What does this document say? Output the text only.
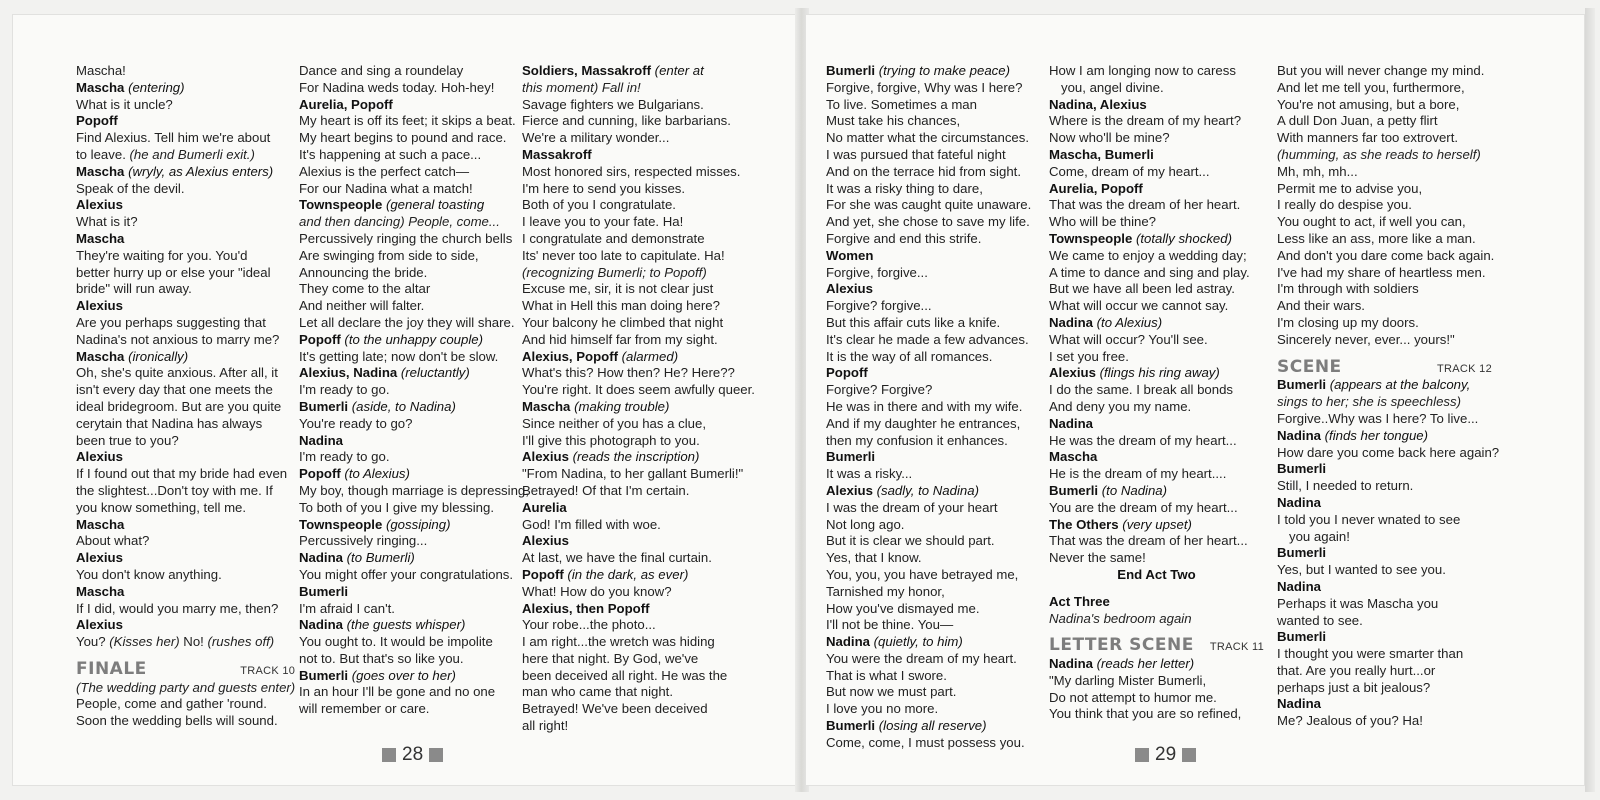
Mascha!
Mascha (entering)
What is it uncle?
Popoff
Find Alexius. Tell him we're about
to leave. (he and Bumerli exit.)
Mascha (wryly, as Alexius enters)
Speak of the devil.
Alexius
What is it?
Mascha
They're waiting for you. You'd
better hurry up or else your "ideal
bride" will run away.
Alexius
Are you perhaps suggesting that
Nadina's not anxious to marry me?
Mascha (ironically)
Oh, she's quite anxious. After all, it
isn't every day that one meets the
ideal bridegroom. But are you quite
cerytain that Nadina has always
been true to you?
Alexius
If I found out that my bride had even
the slightest...Don't toy with me. If
you know something, tell me.
Mascha
About what?
Alexius
You don't know anything.
Mascha
If I did, would you marry me, then?
Alexius
You? (Kisses her) No! (rushes off)
FINALE	TRACK 10
(The wedding party and guests enter)
People, come and gather 'round.
Soon the wedding bells will sound.
Dance and sing a roundelay
For Nadina weds today. Hoh-hey!
Aurelia, Popoff
My heart is off its feet; it skips a beat.
My heart begins to pound and race.
It's happening at such a pace...
Alexius is the perfect catch—
For our Nadina what a match!
Townspeople (general toasting
and then dancing) People, come...
Percussively ringing the church bells
Are swinging from side to side,
Announcing the bride.
They come to the altar
And neither will falter.
Let all declare the joy they will share.
Popoff (to the unhappy couple)
It's getting late; now don't be slow.
Alexius, Nadina (reluctantly)
I'm ready to go.
Bumerli (aside, to Nadina)
You're ready to go?
Nadina
I'm ready to go.
Popoff (to Alexius)
My boy, though marriage is depressing,
To both of you I give my blessing.
Townspeople (gossiping)
Percussively ringing...
Nadina (to Bumerli)
You might offer your congratulations.
Bumerli
I'm afraid I can't.
Nadina (the guests whisper)
You ought to. It would be impolite
not to. But that's so like you.
Bumerli (goes over to her)
In an hour I'll be gone and no one
will remember or care.
Soldiers, Massakroff (enter at
this moment) Fall in!
Savage fighters we Bulgarians.
Fierce and cunning, like barbarians.
We're a military wonder...
Massakroff
Most honored sirs, respected misses.
I'm here to send you kisses.
Both of you I congratulate.
I leave you to your fate. Ha!
I congratulate and demonstrate
Its' never too late to capitulate. Ha!
(recognizing Bumerli; to Popoff)
Excuse me, sir, it is not clear just
What in Hell this man doing here?
Your balcony he climbed that night
And hid himself far from my sight.
Alexius, Popoff (alarmed)
What's this? How then? He? Here??
You're right. It does seem awfully queer.
Mascha (making trouble)
Since neither of you has a clue,
I'll give this photograph to you.
Alexius (reads the inscription)
"From Nadina, to her gallant Bumerli!"
Betrayed! Of that I'm certain.
Aurelia
God! I'm filled with woe.
Alexius
At last, we have the final curtain.
Popoff (in the dark, as ever)
What! How do you know?
Alexius, then Popoff
Your robe...the photo...
I am right...the wretch was hiding
here that night. By God, we've
been deceived all right. He was the
man who came that night.
Betrayed! We've been deceived
all right!
28
Bumerli (trying to make peace)
Forgive, forgive, Why was I here?
To live. Sometimes a man
Must take his chances,
No matter what the circumstances.
I was pursued that fateful night
And on the terrace hid from sight.
It was a risky thing to dare,
For she was caught quite unaware.
And yet, she chose to save my life.
Forgive and end this strife.
Women
Forgive, forgive...
Alexius
Forgive? forgive...
But this affair cuts like a knife.
It's clear he made a few advances.
It is the way of all romances.
Popoff
Forgive? Forgive?
He was in there and with my wife.
And if my daughter he entrances,
then my confusion it enhances.
Bumerli
It was a risky...
Alexius (sadly, to Nadina)
I was the dream of your heart
Not long ago.
But it is clear we should part.
Yes, that I know.
You, you, you have betrayed me,
Tarnished my honor,
How you've dismayed me.
I'll not be thine. You—
Nadina (quietly, to him)
You were the dream of my heart.
That is what I swore.
But now we must part.
I love you no more.
Bumerli (losing all reserve)
Come, come, I must possess you.
How I am longing now to caress
you, angel divine.
Nadina, Alexius
Where is the dream of my heart?
Now who'll be mine?
Mascha, Bumerli
Come, dream of my heart...
Aurelia, Popoff
That was the dream of her heart.
Who will be thine?
Townspeople (totally shocked)
We came to enjoy a wedding day;
A time to dance and sing and play.
But we have all been led astray.
What will occur we cannot say.
Nadina (to Alexius)
What will occur? You'll see.
I set you free.
Alexius (flings his ring away)
I do the same. I break all bonds
And deny you my name.
Nadina
He was the dream of my heart...
Mascha
He is the dream of my heart....
Bumerli (to Nadina)
You are the dream of my heart...
The Others (very upset)
That was the dream of her heart...
Never the same!
End Act Two
Act Three
Nadina's bedroom again
LETTER SCENE TRACK 11
Nadina (reads her letter)
"My darling Mister Bumerli,
Do not attempt to humor me.
You think that you are so refined,
But you will never change my mind.
And let me tell you, furthermore,
You're not amusing, but a bore,
A dull Don Juan, a petty flirt
With manners far too extrovert.
(humming, as she reads to herself)
Mh, mh, mh...
Permit me to advise you,
I really do despise you.
You ought to act, if well you can,
Less like an ass, more like a man.
And don't you dare come back again.
I've had my share of heartless men.
I'm through with soldiers
And their wars.
I'm closing up my doors.
Sincerely never, ever... yours!"
SCENE	TRACK 12
Bumerli (appears at the balcony,
sings to her; she is speechless)
Forgive..Why was I here? To live...
Nadina (finds her tongue)
How dare you come back here again?
Bumerli
Still, I needed to return.
Nadina
I told you I never wnated to see
you again!
Bumerli
Yes, but I wanted to see you.
Nadina
Perhaps it was Mascha you
wanted to see.
Bumerli
I thought you were smarter than
that. Are you really hurt...or
perhaps just a bit jealous?
Nadina
Me? Jealous of you? Ha!
29
